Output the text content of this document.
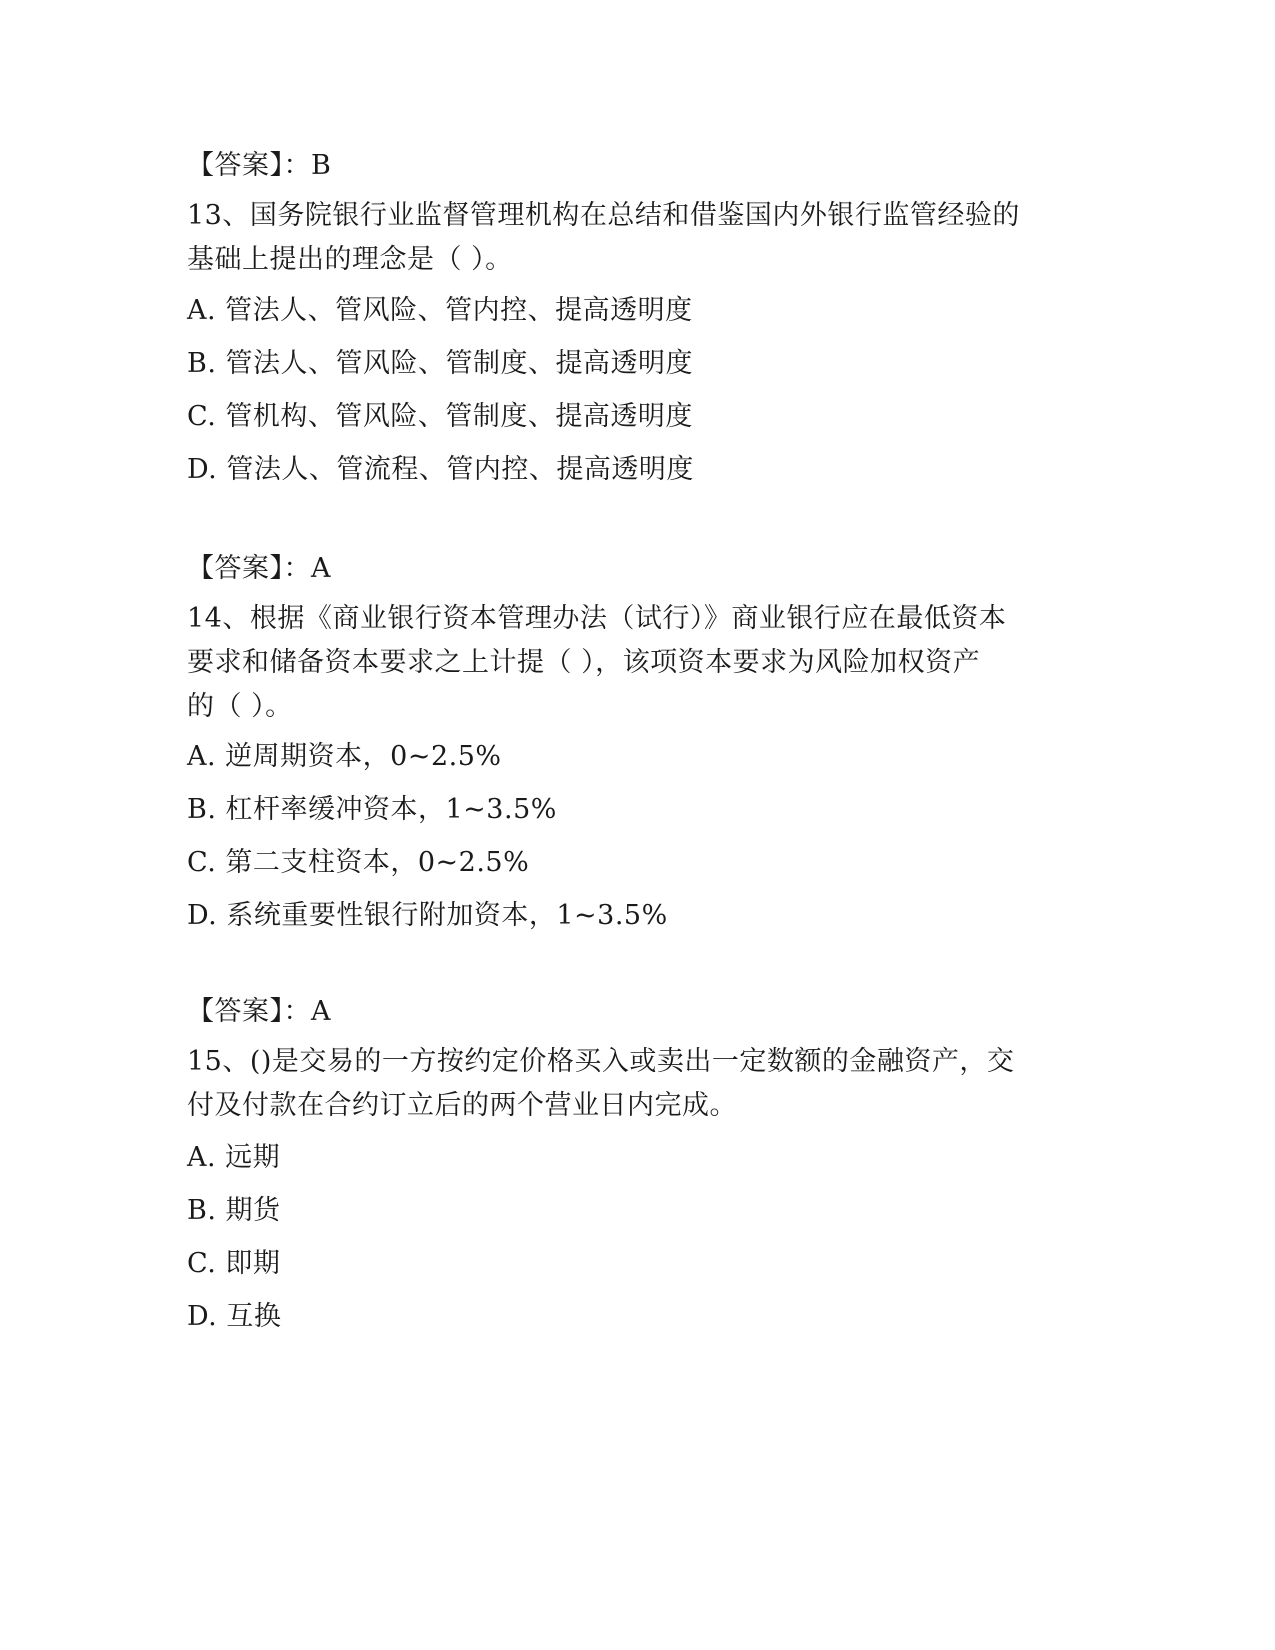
【答案】：B
13、国务院银行业监督管理机构在总结和借鉴国内外银行监管经验的
基础上提出的理念是（ ）。
A. 管法人、管风险、管内控、提高透明度
B. 管法人、管风险、管制度、提高透明度
C. 管机构、管风险、管制度、提高透明度
D. 管法人、管流程、管内控、提高透明度
【答案】：A
14、根据《商业银行资本管理办法（试行）》商业银行应在最低资本
要求和储备资本要求之上计提（ ），该项资本要求为风险加权资产
的（ ）。
A. 逆周期资本，0~2.5%
B. 杠杆率缓冲资本，1~3.5%
C. 第二支柱资本，0~2.5%
D. 系统重要性银行附加资本，1~3.5%
【答案】：A
15、()是交易的一方按约定价格买入或卖出一定数额的金融资产，交
付及付款在合约订立后的两个营业日内完成。
A. 远期
B. 期货
C. 即期
D. 互换
